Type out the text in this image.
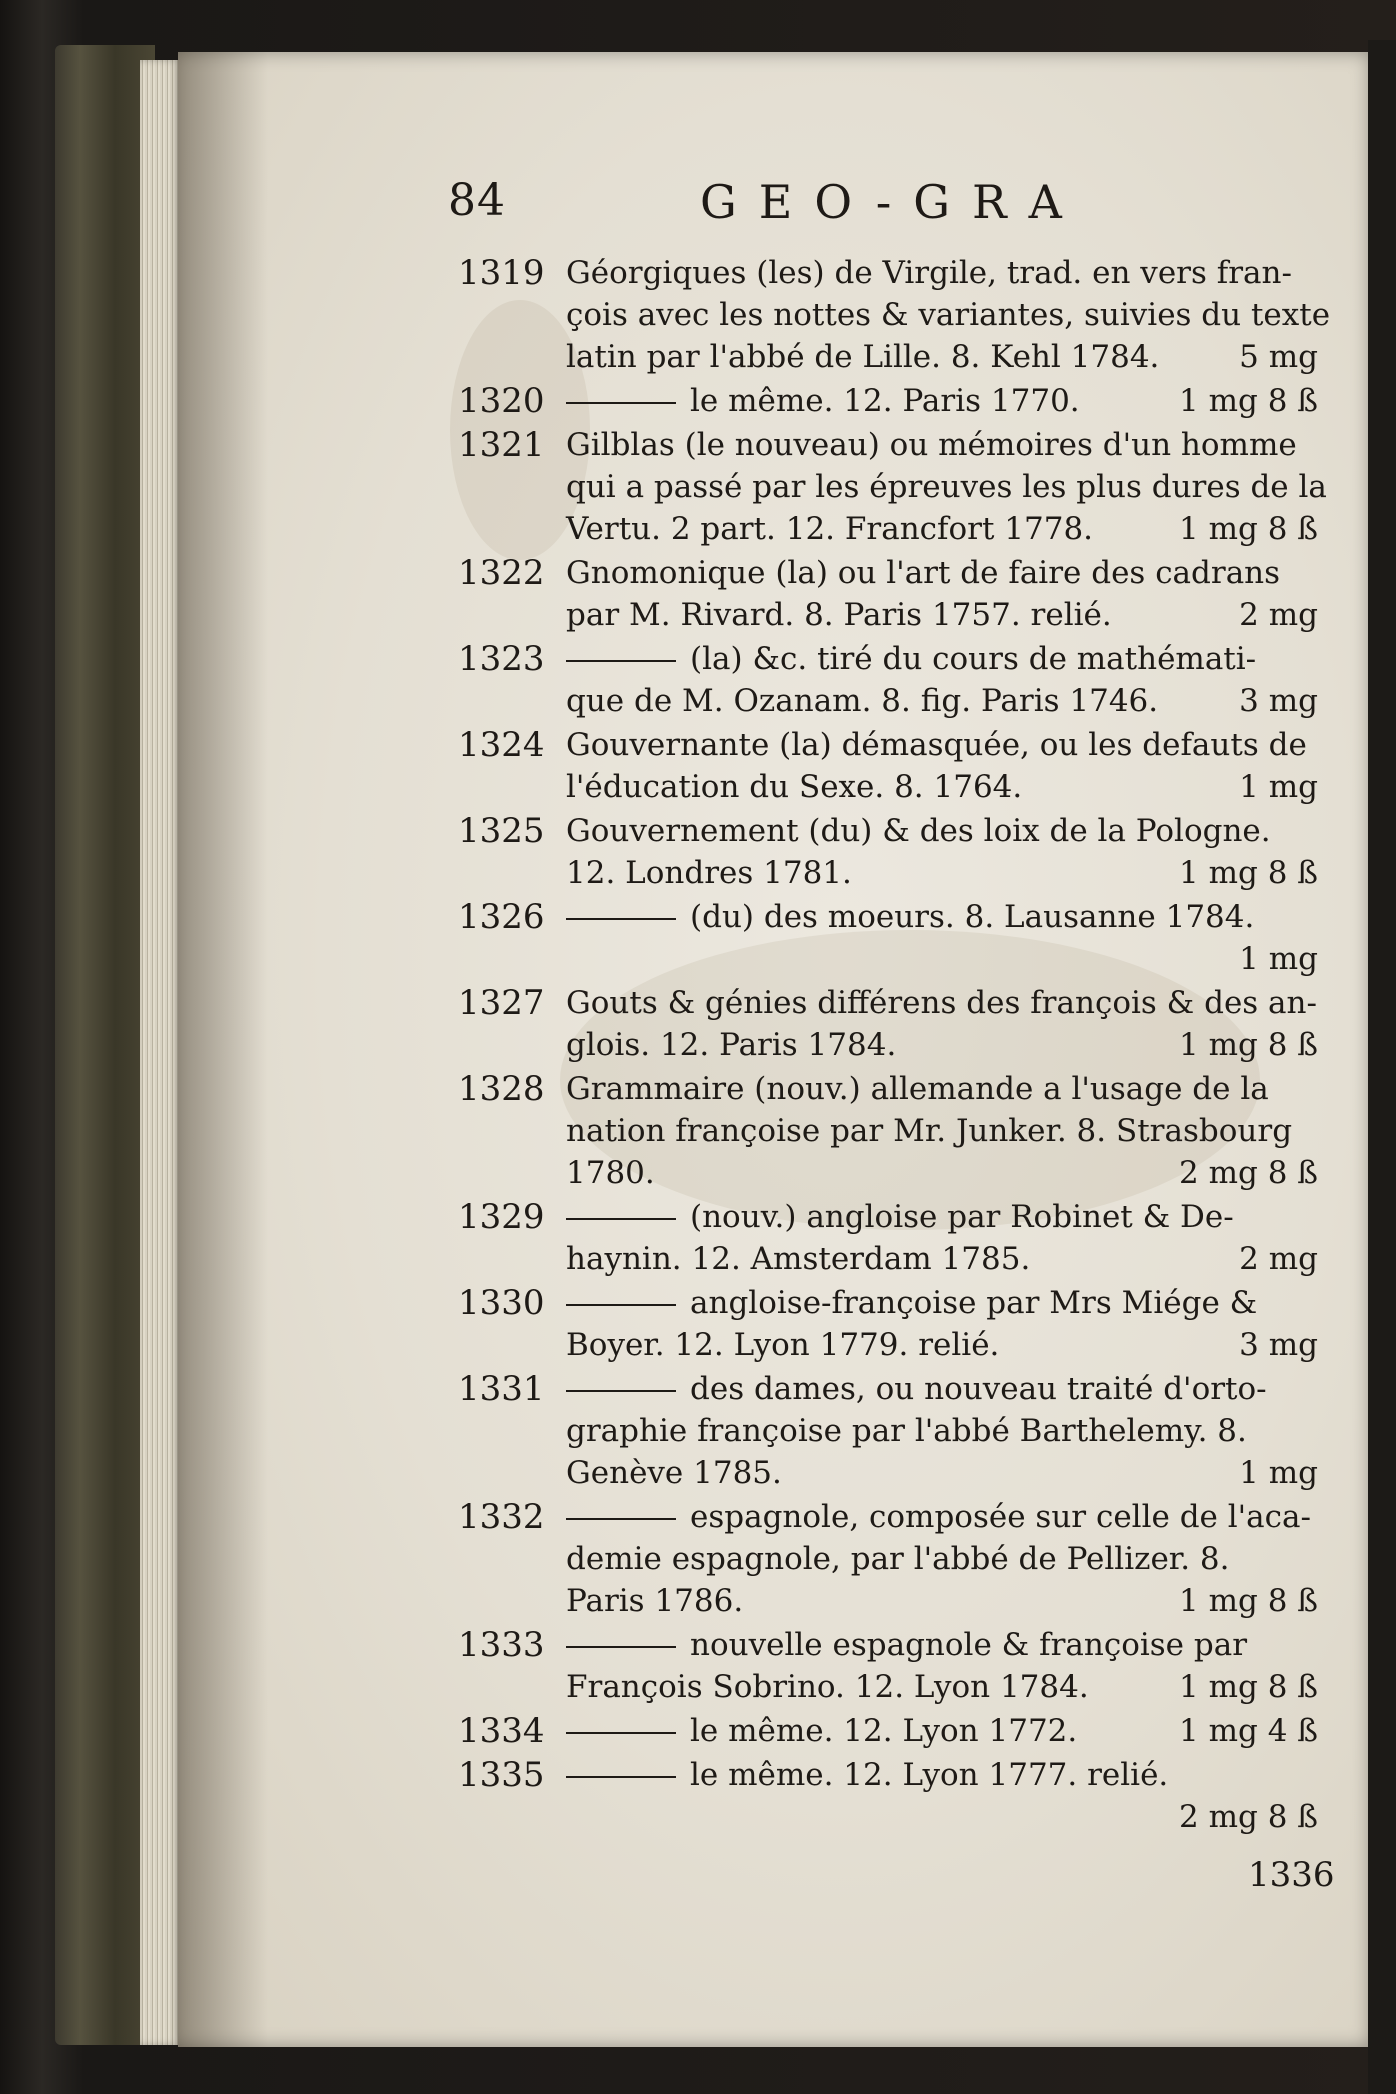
84	GEO-GRA
1319 Géorgiques (les) de Virgile, trad. en vers fran-
çois avec les nottes & variantes, suivies du texte
latin par l'abbé de Lille. 8. Kehl 1784.	5 mg
1320	le même. 12. Paris 1770.	1 mg 8 ß
1321 Gilblas (le nouveau) ou mémoires d'un homme
qui a passé par les épreuves les plus dures de la
Vertu. 2 part. 12. Francfort 1778.	1 mg 8 ß
1322 Gnomonique (la) ou l'art de faire des cadrans
par M. Rivard. 8. Paris 1757. relié.	2 mg
1323	(la) &c. tiré du cours de mathémati-
que de M. Ozanam. 8. fig. Paris 1746.	3 mg
1324 Gouvernante (la) démasquée, ou les defauts de
l'éducation du Sexe. 8. 1764.	1 mg
1325 Gouvernement (du) & des loix de la Pologne.
12. Londres 1781.	1 mg 8 ß
1326	(du) des moeurs. 8. Lausanne 1784.
1 mg
1327 Gouts & génies différens des françois & des an-
glois. 12. Paris 1784.	1 mg 8 ß
1328 Grammaire (nouv.) allemande a l'usage de la
nation françoise par Mr. Junker. 8. Strasbourg
1780.	2 mg 8 ß
1329	(nouv.) angloise par Robinet & De-
haynin. 12. Amsterdam 1785.	2 mg
1330	angloise-françoise par Mrs Miége &
Boyer. 12. Lyon 1779. relié.	3 mg
1331	des dames, ou nouveau traité d'orto-
graphie françoise par l'abbé Barthelemy. 8.
Genève 1785.	1 mg
1332	espagnole, composée sur celle de l'aca-
demie espagnole, par l'abbé de Pellizer. 8.
Paris 1786.	1 mg 8 ß
1333	nouvelle espagnole & françoise par
François Sobrino. 12. Lyon 1784.	1 mg 8 ß
1334	le même. 12. Lyon 1772.	1 mg 4 ß
1335	le même. 12. Lyon 1777. relié.
2 mg 8 ß
1336
